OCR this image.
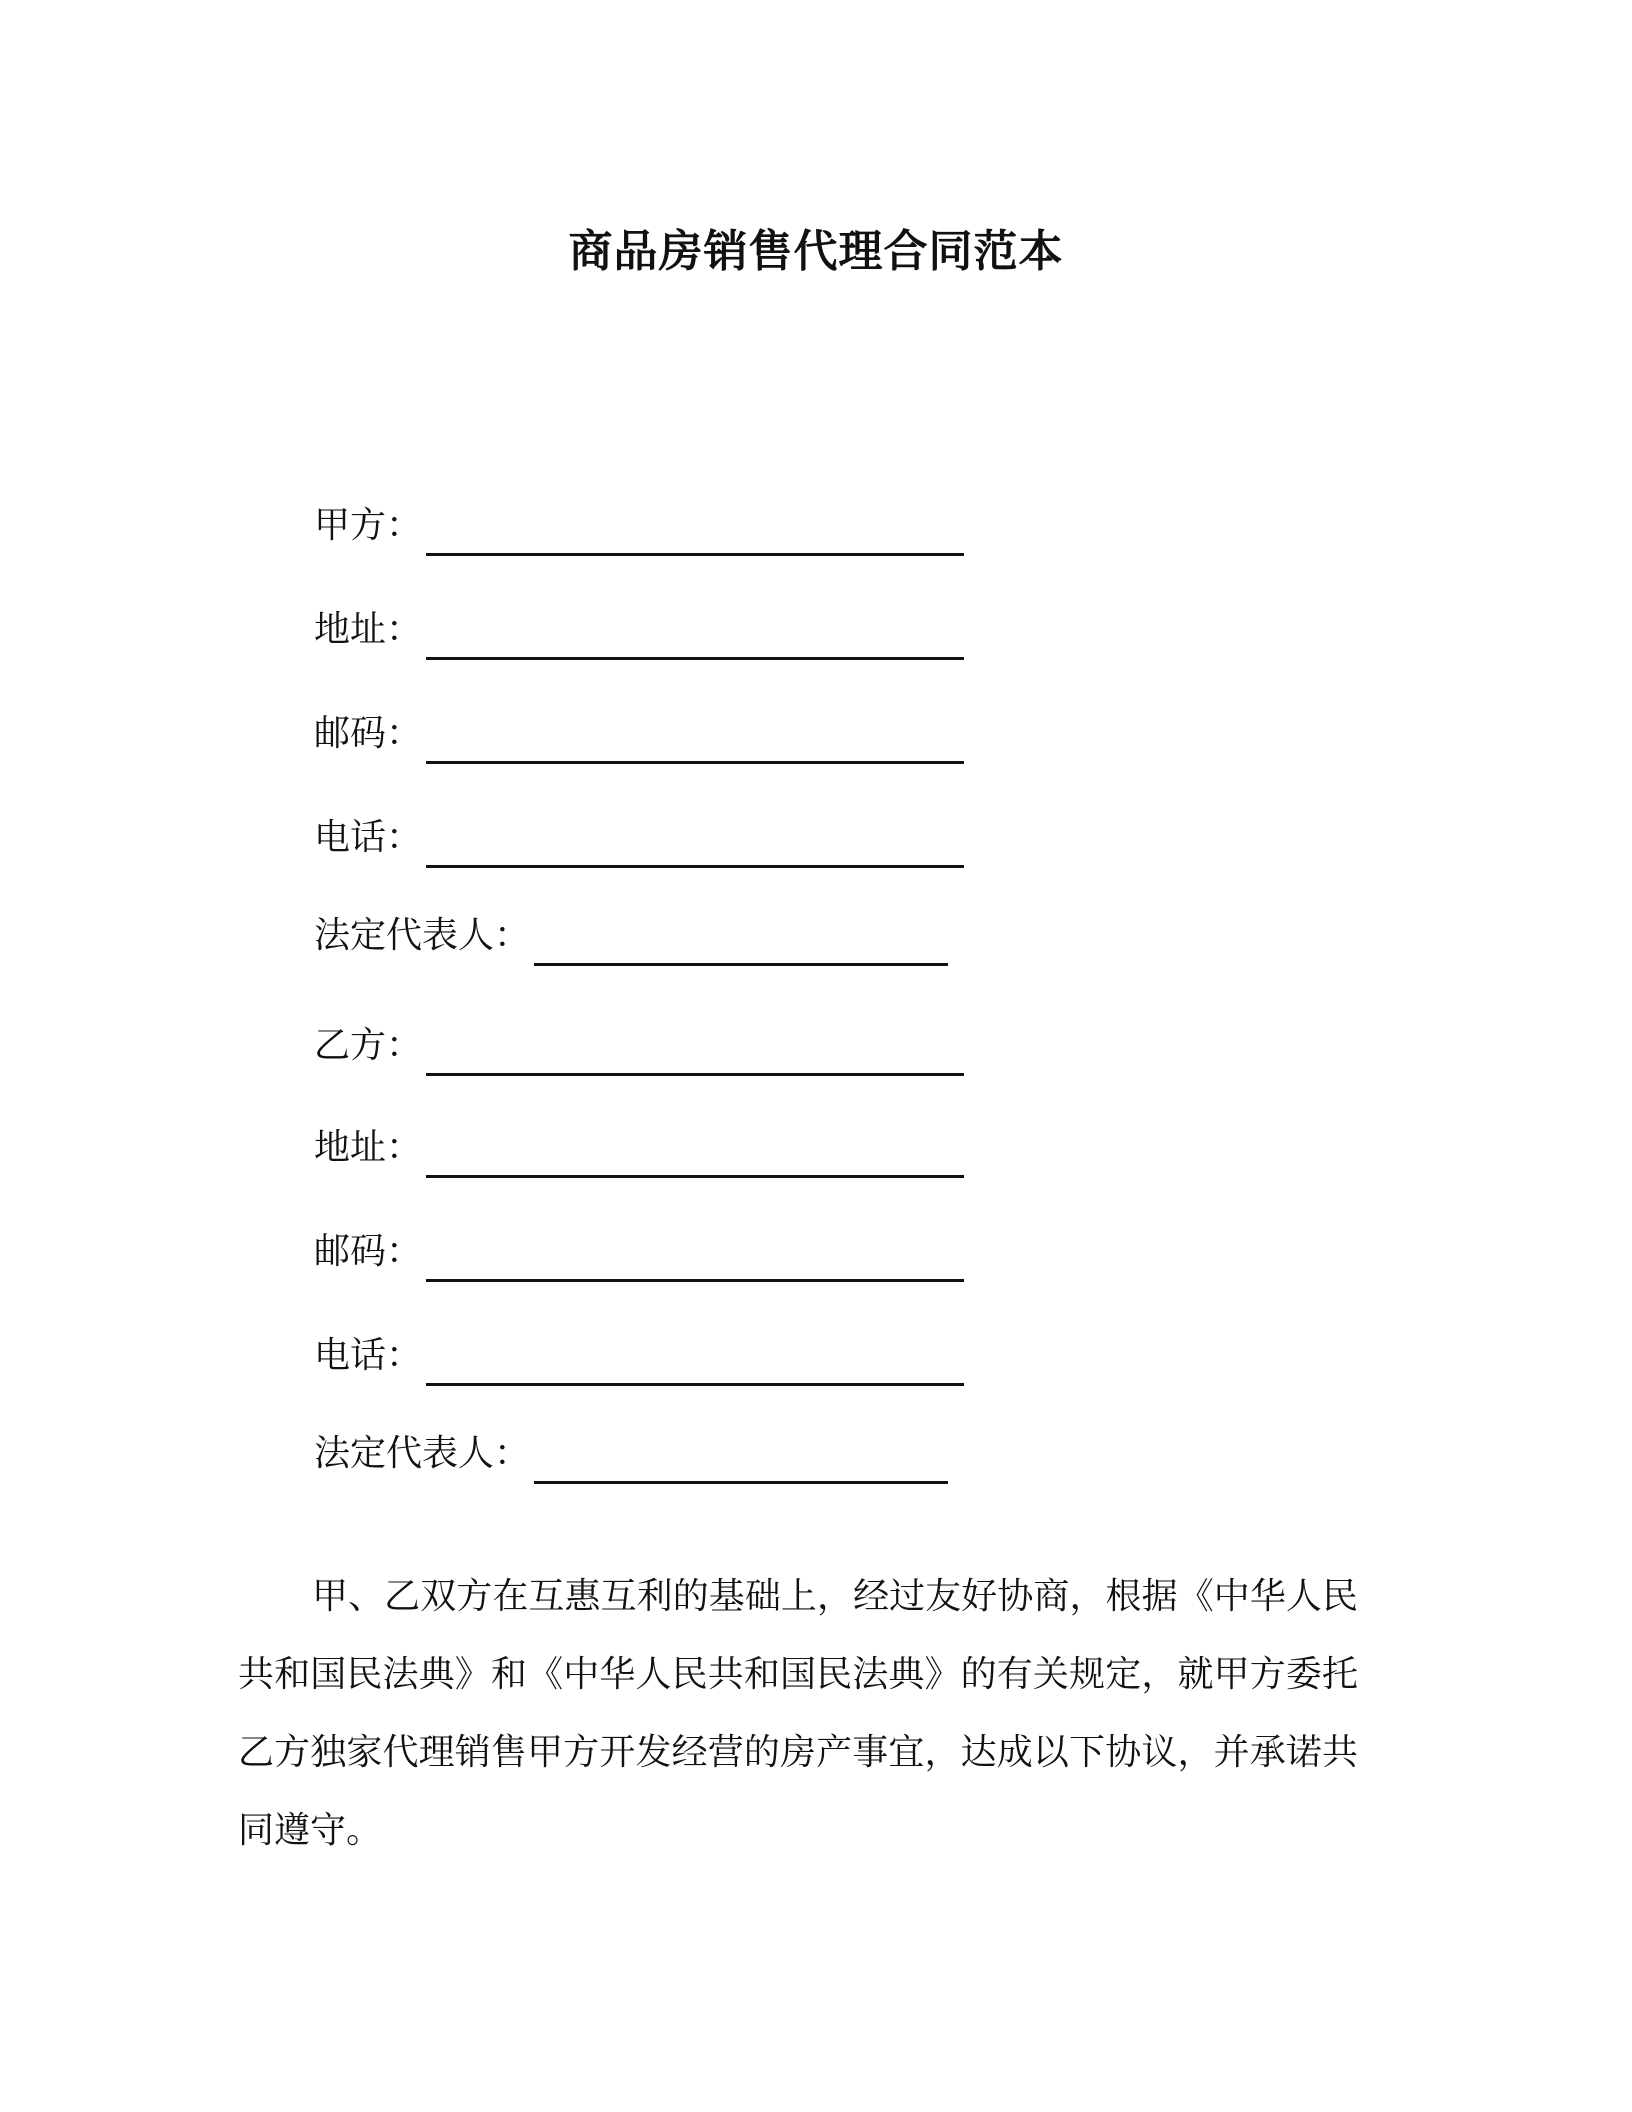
商品房销售代理合同范本
甲方：
地址：
邮码：
电话：
法定代表人：
乙方：
地址：
邮码：
电话：
法定代表人：

甲、乙双方在互惠互利的基础上，经过友好协商，根据《中华人民共和国民法典》和《中华人民共和国民法典》的有关规定，就甲方委托乙方独家代理销售甲方开发经营的房产事宜，达成以下协议，并承诺共同遵守。
